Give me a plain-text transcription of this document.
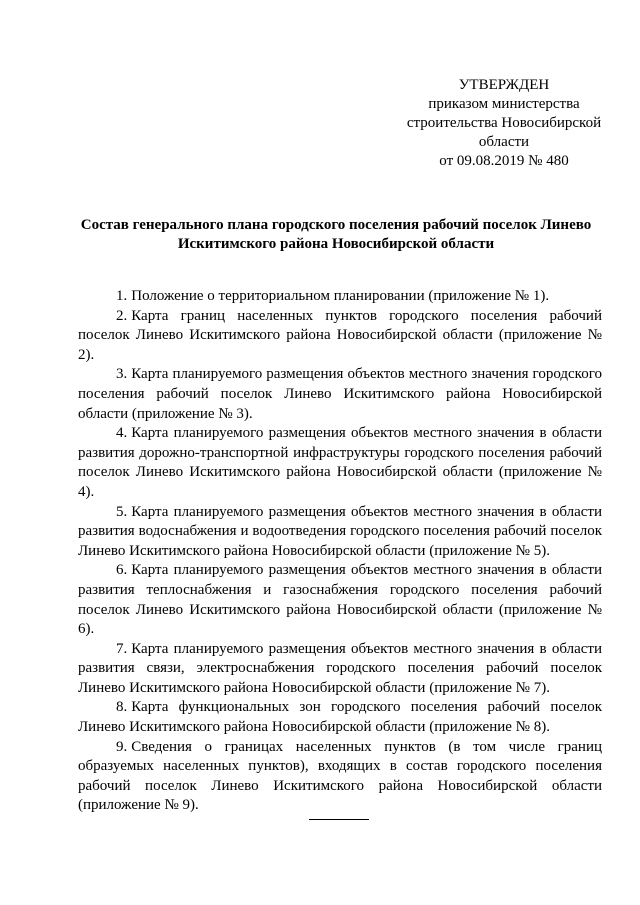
УТВЕРЖДЕН
приказом министерства
строительства Новосибирской
области
от 09.08.2019 № 480
Состав генерального плана городского поселения рабочий поселок Линево
Искитимского района Новосибирской области

1. Положение о территориальном планировании (приложение № 1).

2. Карта границ населенных пунктов городского поселения рабочий поселок Линево Искитимского района Новосибирской области (приложение № 2).

3. Карта планируемого размещения объектов местного значения городского поселения рабочий поселок Линево Искитимского района Новосибирской области (приложение № 3).

4. Карта планируемого размещения объектов местного значения в области развития дорожно-транспортной инфраструктуры городского поселения рабочий поселок Линево Искитимского района Новосибирской области (приложение № 4).

5. Карта планируемого размещения объектов местного значения в области развития водоснабжения и водоотведения городского поселения рабочий поселок Линево Искитимского района Новосибирской области (приложение № 5).

6. Карта планируемого размещения объектов местного значения в области развития теплоснабжения и газоснабжения городского поселения рабочий поселок Линево Искитимского района Новосибирской области (приложение № 6).

7. Карта планируемого размещения объектов местного значения в области развития связи, электроснабжения городского поселения рабочий поселок Линево Искитимского района Новосибирской области (приложение № 7).

8. Карта функциональных зон городского поселения рабочий поселок Линево Искитимского района Новосибирской области (приложение № 8).

9. Сведения о границах населенных пунктов (в том числе границ образуемых населенных пунктов), входящих в состав городского поселения рабочий поселок Линево Искитимского района Новосибирской области (приложение № 9).
